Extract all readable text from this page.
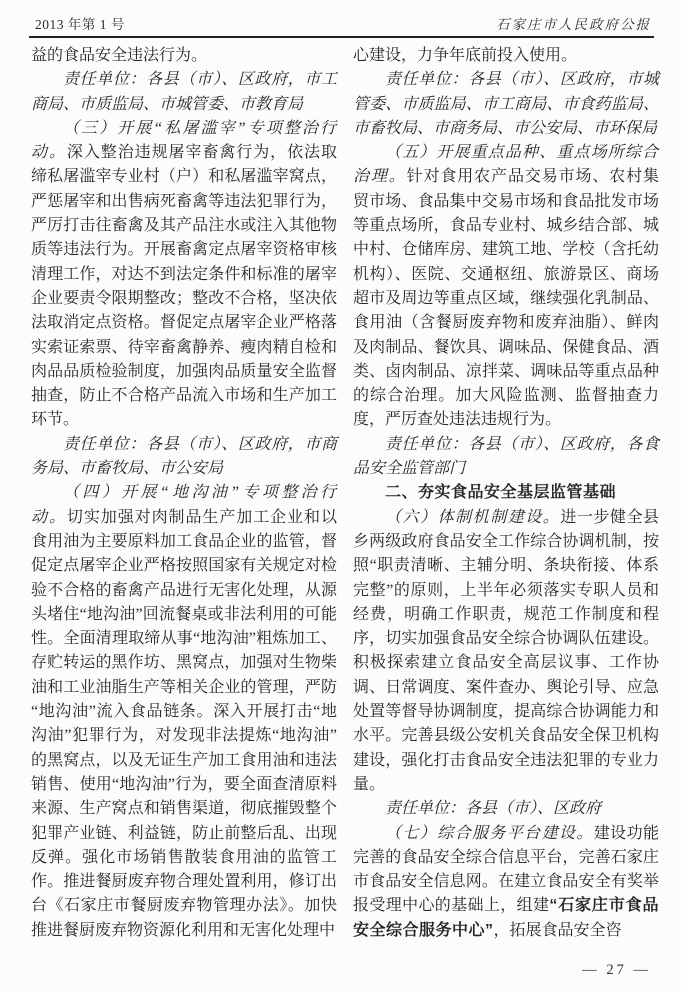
2013 年第 1 号	石家庄市人民政府公报

益的食品安全违法行为。

责任单位：各县（市）、区政府，市工商局、市质监局、市城管委、市教育局

（三）开展“私屠滥宰”专项整治行动。深入整治违规屠宰畜禽行为，依法取缔私屠滥宰专业村（户）和私屠滥宰窝点，严惩屠宰和出售病死畜禽等违法犯罪行为，严厉打击往畜禽及其产品注水或注入其他物质等违法行为。开展畜禽定点屠宰资格审核清理工作，对达不到法定条件和标准的屠宰企业要责令限期整改；整改不合格，坚决依法取消定点资格。督促定点屠宰企业严格落实索证索票、待宰畜禽静养、瘦肉精自检和肉品品质检验制度，加强肉品质量安全监督抽查，防止不合格产品流入市场和生产加工环节。

责任单位：各县（市）、区政府，市商务局、市畜牧局、市公安局

（四）开展“地沟油”专项整治行动。切实加强对肉制品生产加工企业和以食用油为主要原料加工食品企业的监管，督促定点屠宰企业严格按照国家有关规定对检验不合格的畜禽产品进行无害化处理，从源头堵住“地沟油”回流餐桌或非法利用的可能性。全面清理取缔从事“地沟油”粗炼加工、存贮转运的黑作坊、黑窝点，加强对生物柴油和工业油脂生产等相关企业的管理，严防“地沟油”流入食品链条。深入开展打击“地沟油”犯罪行为，对发现非法提炼“地沟油”的黑窝点，以及无证生产加工食用油和违法销售、使用“地沟油”行为，要全面查清原料来源、生产窝点和销售渠道，彻底摧毁整个犯罪产业链、利益链，防止前整后乱、出现反弹。强化市场销售散装食用油的监管工作。推进餐厨废弃物合理处置利用，修订出台《石家庄市餐厨废弃物管理办法》。加快推进餐厨废弃物资源化利用和无害化处理中

心建设，力争年底前投入使用。

责任单位：各县（市）、区政府，市城管委、市质监局、市工商局、市食药监局、市畜牧局、市商务局、市公安局、市环保局

（五）开展重点品种、重点场所综合治理。针对食用农产品交易市场、农村集贸市场、食品集中交易市场和食品批发市场等重点场所，食品专业村、城乡结合部、城中村、仓储库房、建筑工地、学校（含托幼机构）、医院、交通枢纽、旅游景区、商场超市及周边等重点区域，继续强化乳制品、食用油（含餐厨废弃物和废弃油脂）、鲜肉及肉制品、餐饮具、调味品、保健食品、酒类、卤肉制品、凉拌菜、调味品等重点品种的综合治理。加大风险监测、监督抽查力度，严厉查处违法违规行为。

责任单位：各县（市）、区政府，各食品安全监管部门

二、夯实食品安全基层监管基础

（六）体制机制建设。进一步健全县乡两级政府食品安全工作综合协调机制，按照“职责清晰、主辅分明、条块衔接、体系完整”的原则，上半年必须落实专职人员和经费，明确工作职责，规范工作制度和程序，切实加强食品安全综合协调队伍建设。积极探索建立食品安全高层议事、工作协调、日常调度、案件查办、舆论引导、应急处置等督导协调制度，提高综合协调能力和水平。完善县级公安机关食品安全保卫机构建设，强化打击食品安全违法犯罪的专业力量。

责任单位：各县（市）、区政府

（七）综合服务平台建设。建设功能完善的食品安全综合信息平台，完善石家庄市食品安全信息网。在建立食品安全有奖举报受理中心的基础上，组建“石家庄市食品安全综合服务中心”，拓展食品安全咨

— 27 —
